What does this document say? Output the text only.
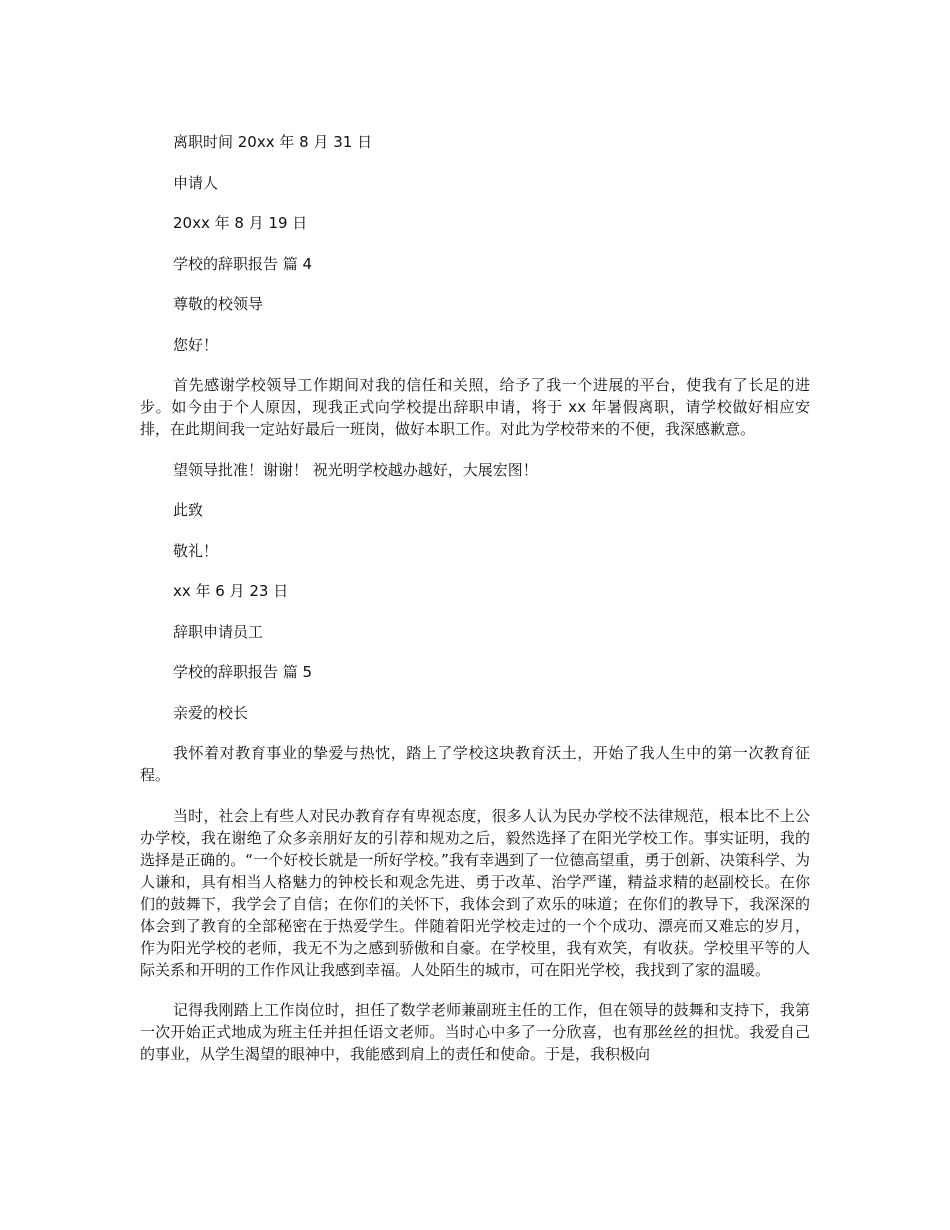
离职时间 20xx 年 8 月 31 日

申请人

20xx 年 8 月 19 日

学校的辞职报告 篇 4

尊敬的校领导

您好！

首先感谢学校领导工作期间对我的信任和关照，给予了我一个进展的平台，使我有了长足的进步。如今由于个人原因，现我正式向学校提出辞职申请，将于 xx 年暑假离职，请学校做好相应安排，在此期间我一定站好最后一班岗，做好本职工作。对此为学校带来的不便，我深感歉意。

望领导批准！谢谢！ 祝光明学校越办越好，大展宏图！

此致

敬礼！

xx 年 6 月 23 日

辞职申请员工

学校的辞职报告 篇 5

亲爱的校长

我怀着对教育事业的挚爱与热忱，踏上了学校这块教育沃土，开始了我人生中的第一次教育征程。

当时，社会上有些人对民办教育存有卑视态度，很多人认为民办学校不法律规范，根本比不上公办学校，我在谢绝了众多亲朋好友的引荐和规劝之后，毅然选择了在阳光学校工作。事实证明，我的选择是正确的。“一个好校长就是一所好学校。”我有幸遇到了一位德高望重，勇于创新、决策科学、为人谦和，具有相当人格魅力的钟校长和观念先进、勇于改革、治学严谨，精益求精的赵副校长。在你们的鼓舞下，我学会了自信；在你们的关怀下，我体会到了欢乐的味道；在你们的教导下，我深深的体会到了教育的全部秘密在于热爱学生。伴随着阳光学校走过的一个个成功、漂亮而又难忘的岁月，作为阳光学校的老师，我无不为之感到骄傲和自豪。在学校里，我有欢笑，有收获。学校里平等的人际关系和开明的工作作风让我感到幸福。人处陌生的城市，可在阳光学校，我找到了家的温暖。

记得我刚踏上工作岗位时，担任了数学老师兼副班主任的工作，但在领导的鼓舞和支持下，我第一次开始正式地成为班主任并担任语文老师。当时心中多了一分欣喜，也有那丝丝的担忧。我爱自己的事业，从学生渴望的眼神中，我能感到肩上的责任和使命。于是，我积极向
